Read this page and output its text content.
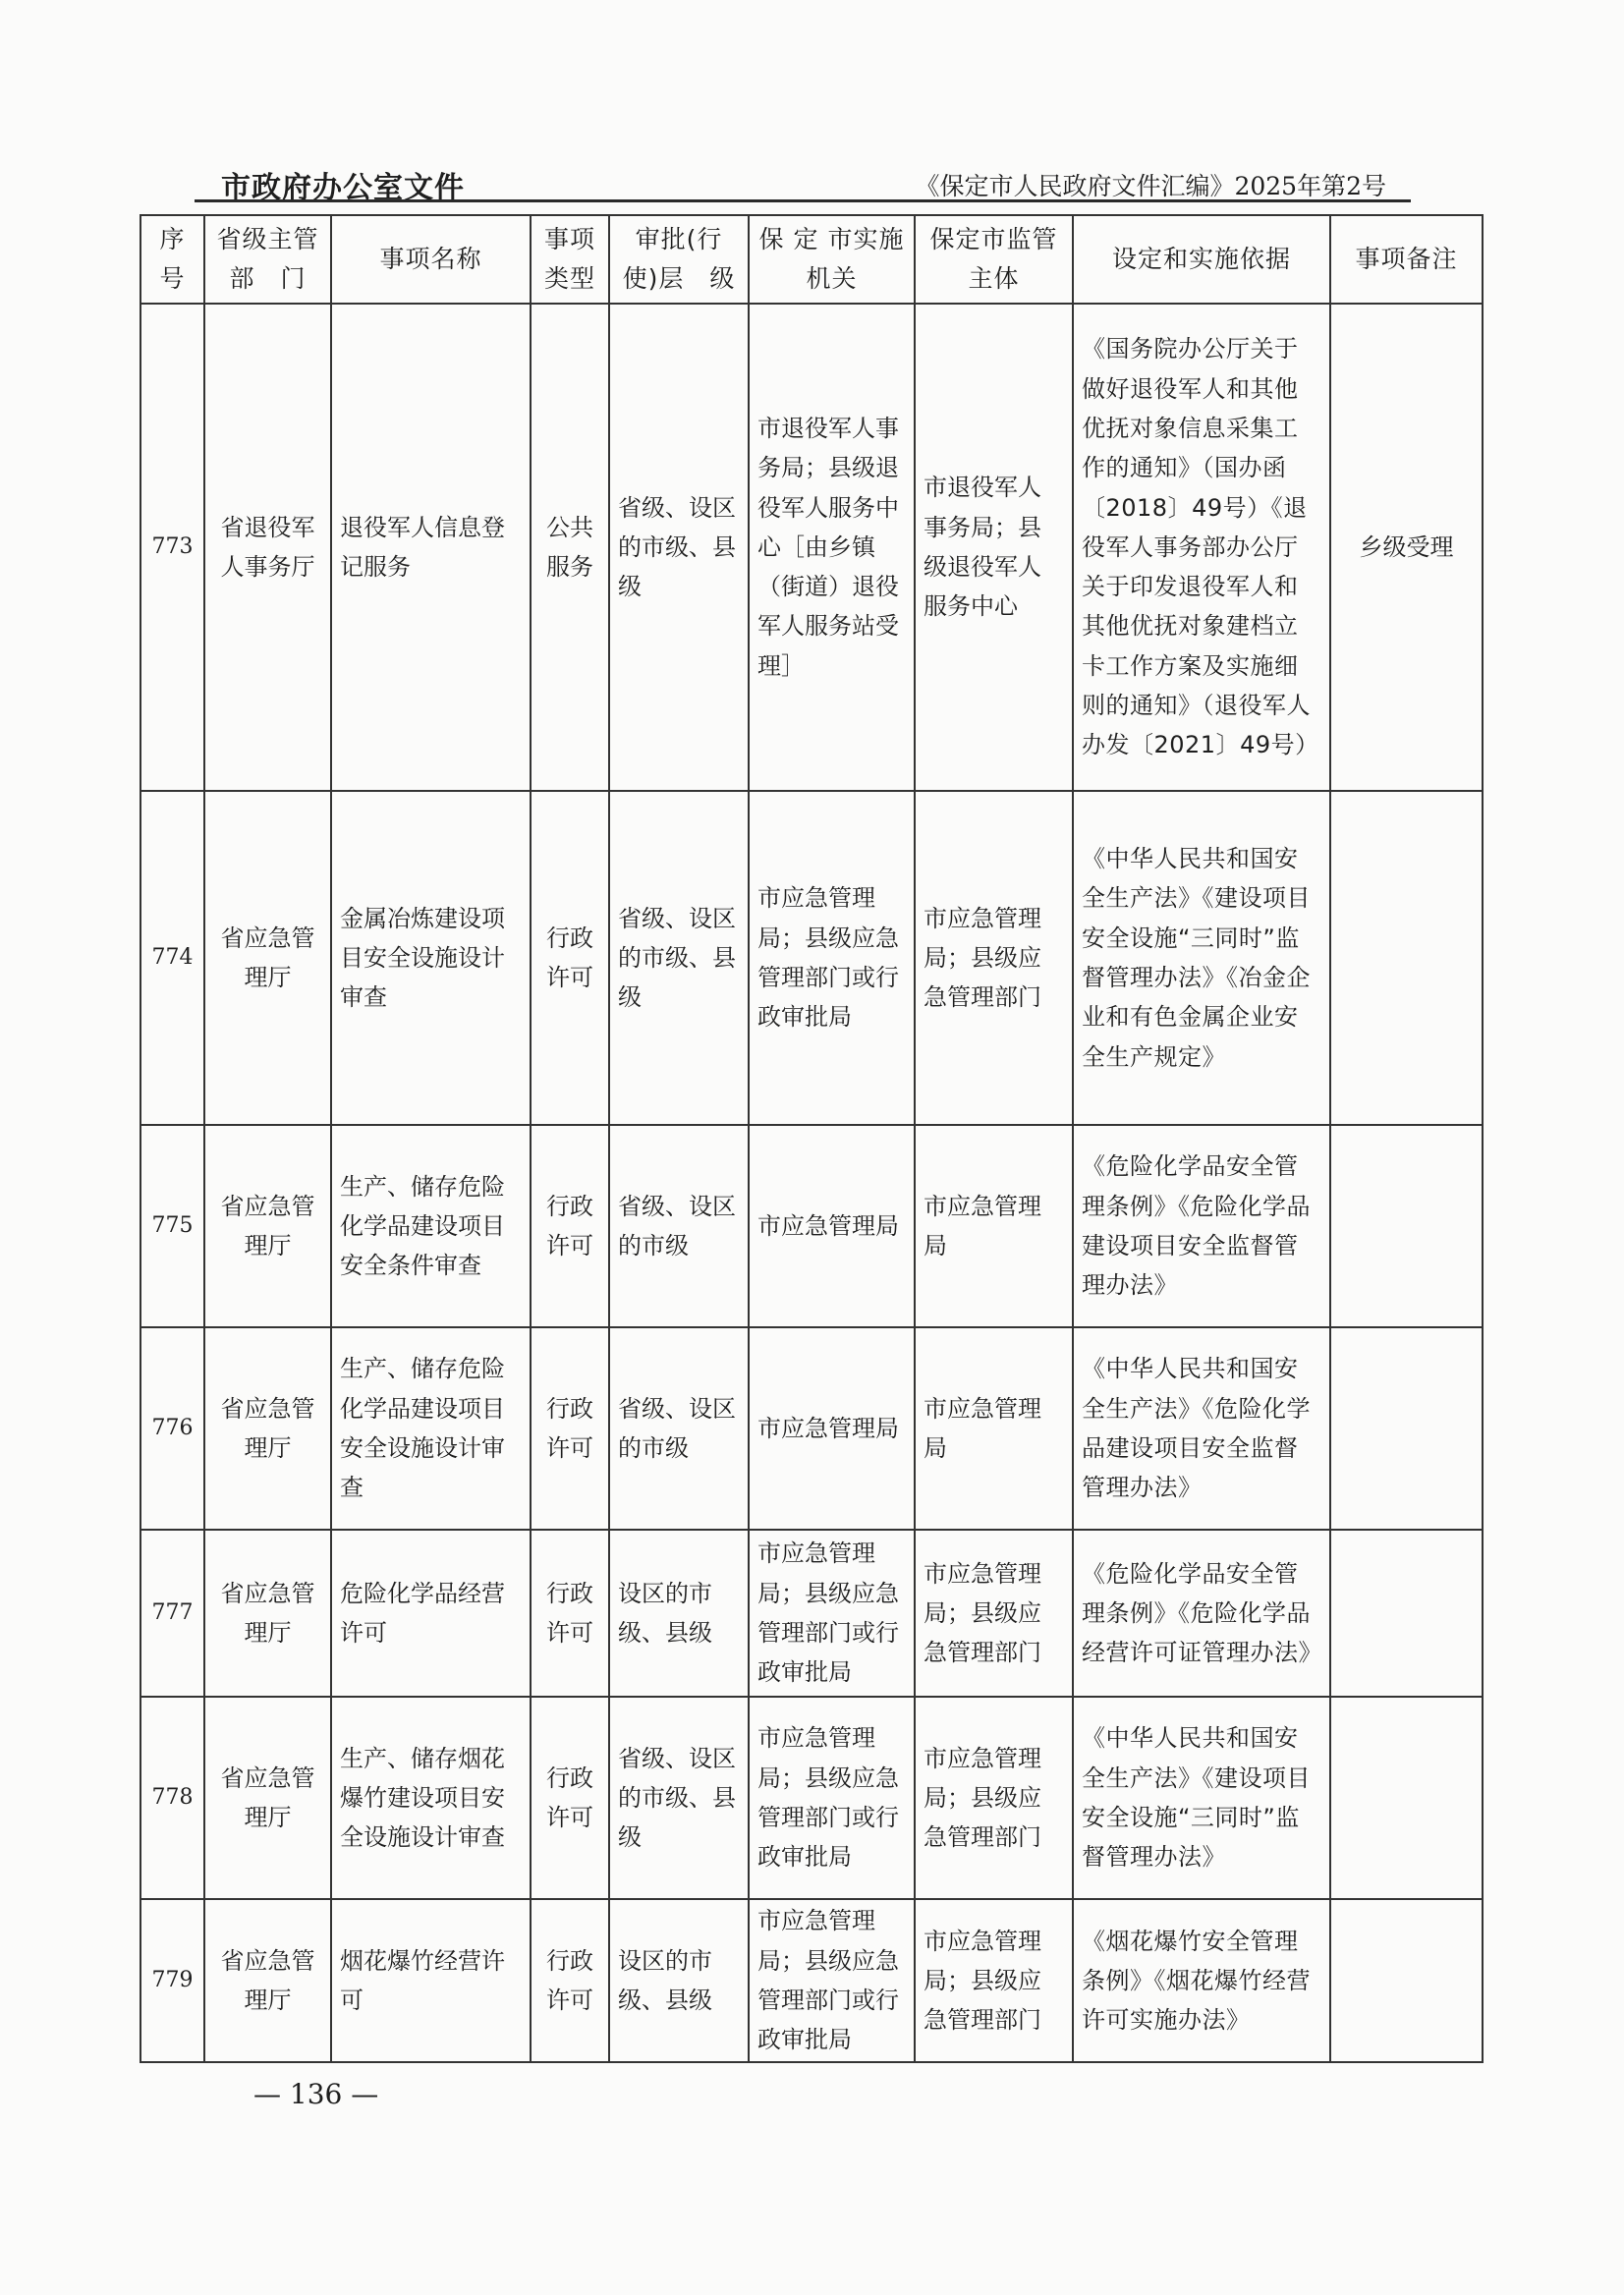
市政府办公室文件	《保定市人民政府文件汇编》2025年第2号
序号	省级主管部　门	事项名称	事项类型	审批(行使)层　级	保 定 市实施机关	保定市监管主体	设定和实施依据	事项备注
773	省退役军人事务厅	退役军人信息登记服务	公共服务	省级、设区的市级、县级	市退役军人事务局；县级退役军人服务中心［由乡镇（街道）退役军人服务站受理］	市退役军人事务局；县级退役军人服务中心	《国务院办公厅关于做好退役军人和其他优抚对象信息采集工作的通知》（国办函〔2018〕49号）《退役军人事务部办公厅关于印发退役军人和其他优抚对象建档立卡工作方案及实施细则的通知》（退役军人办发〔2021〕49号）	乡级受理
774	省应急管理厅	金属冶炼建设项目安全设施设计审查	行政许可	省级、设区的市级、县级	市应急管理局；县级应急管理部门或行政审批局	市应急管理局；县级应急管理部门	《中华人民共和国安全生产法》《建设项目安全设施“三同时”监督管理办法》《冶金企业和有色金属企业安全生产规定》	
775	省应急管理厅	生产、储存危险化学品建设项目安全条件审查	行政许可	省级、设区的市级	市应急管理局	市应急管理局	《危险化学品安全管理条例》《危险化学品建设项目安全监督管理办法》	
776	省应急管理厅	生产、储存危险化学品建设项目安全设施设计审查	行政许可	省级、设区的市级	市应急管理局	市应急管理局	《中华人民共和国安全生产法》《危险化学品建设项目安全监督管理办法》	
777	省应急管理厅	危险化学品经营许可	行政许可	设区的市级、县级	市应急管理局；县级应急管理部门或行政审批局	市应急管理局；县级应急管理部门	《危险化学品安全管理条例》《危险化学品经营许可证管理办法》	
778	省应急管理厅	生产、储存烟花爆竹建设项目安全设施设计审查	行政许可	省级、设区的市级、县级	市应急管理局；县级应急管理部门或行政审批局	市应急管理局；县级应急管理部门	《中华人民共和国安全生产法》《建设项目安全设施“三同时”监督管理办法》	
779	省应急管理厅	烟花爆竹经营许可	行政许可	设区的市级、县级	市应急管理局；县级应急管理部门或行政审批局	市应急管理局；县级应急管理部门	《烟花爆竹安全管理条例》《烟花爆竹经营许可实施办法》	
— 136 —
